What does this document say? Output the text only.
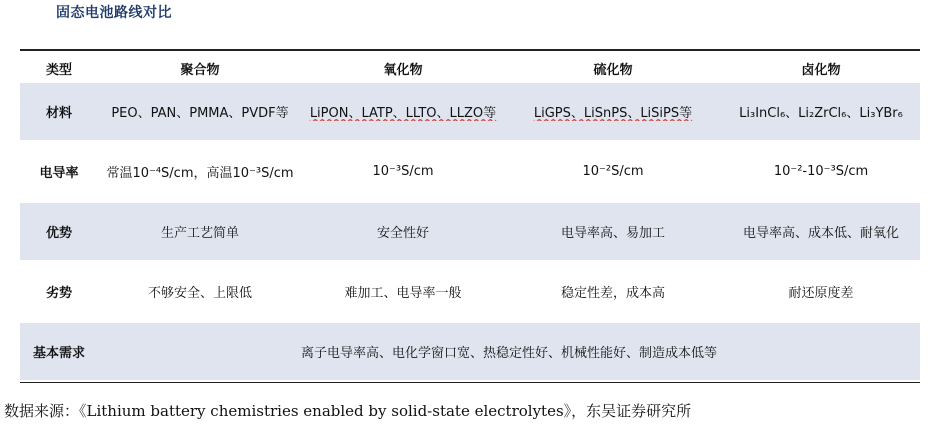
固态电池路线对比
类型	聚合物	氧化物	硫化物	卤化物
材料	PEO、PAN、PMMA、PVDF等	LiPON、LATP、LLTO、LLZO等	LiGPS、LiSnPS、LiSiPS等	Li₃InCl₆、Li₂ZrCl₆、Li₃YBr₆
电导率	常温10⁻⁴S/cm，高温10⁻³S/cm	10⁻³S/cm	10⁻²S/cm	10⁻²-10⁻³S/cm
优势	生产工艺简单	安全性好	电导率高、易加工	电导率高、成本低、耐氧化
劣势	不够安全、上限低	难加工、电导率一般	稳定性差，成本高	耐还原度差
基本需求	离子电导率高、电化学窗口宽、热稳定性好、机械性能好、制造成本低等
数据来源：《Lithium battery chemistries enabled by solid-state electrolytes》，东吴证券研究所
